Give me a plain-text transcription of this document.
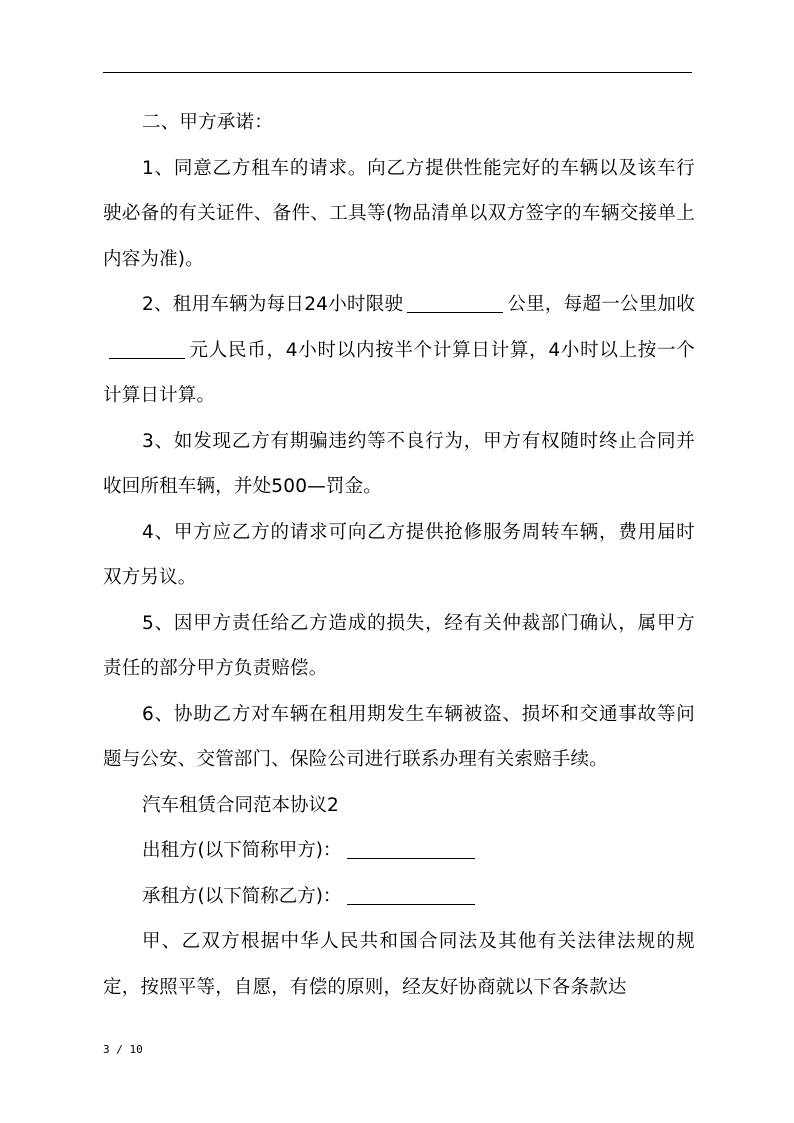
二、甲方承诺：

1、同意乙方租车的请求。向乙方提供性能完好的车辆以及该车行驶必备的有关证件、备件、工具等(物品清单以双方签字的车辆交接单上内容为准)。

2、租用车辆为每日24小时限驶	公里，每超一公里加收元人民币，4小时以内按半个计算日计算，4小时以上按一个计算日计算。

3、如发现乙方有期骗违约等不良行为，甲方有权随时终止合同并收回所租车辆，并处500—罚金。

4、甲方应乙方的请求可向乙方提供抢修服务周转车辆，费用届时双方另议。

5、因甲方责任给乙方造成的损失，经有关仲裁部门确认，属甲方责任的部分甲方负责赔偿。

6、协助乙方对车辆在租用期发生车辆被盗、损坏和交通事故等问题与公安、交管部门、保险公司进行联系办理有关索赔手续。

汽车租赁合同范本协议2

出租方(以下简称甲方)：

承租方(以下简称乙方)：

甲、乙双方根据中华人民共和国合同法及其他有关法律法规的规定，按照平等，自愿，有偿的原则，经友好协商就以下各条款达

3 / 10
